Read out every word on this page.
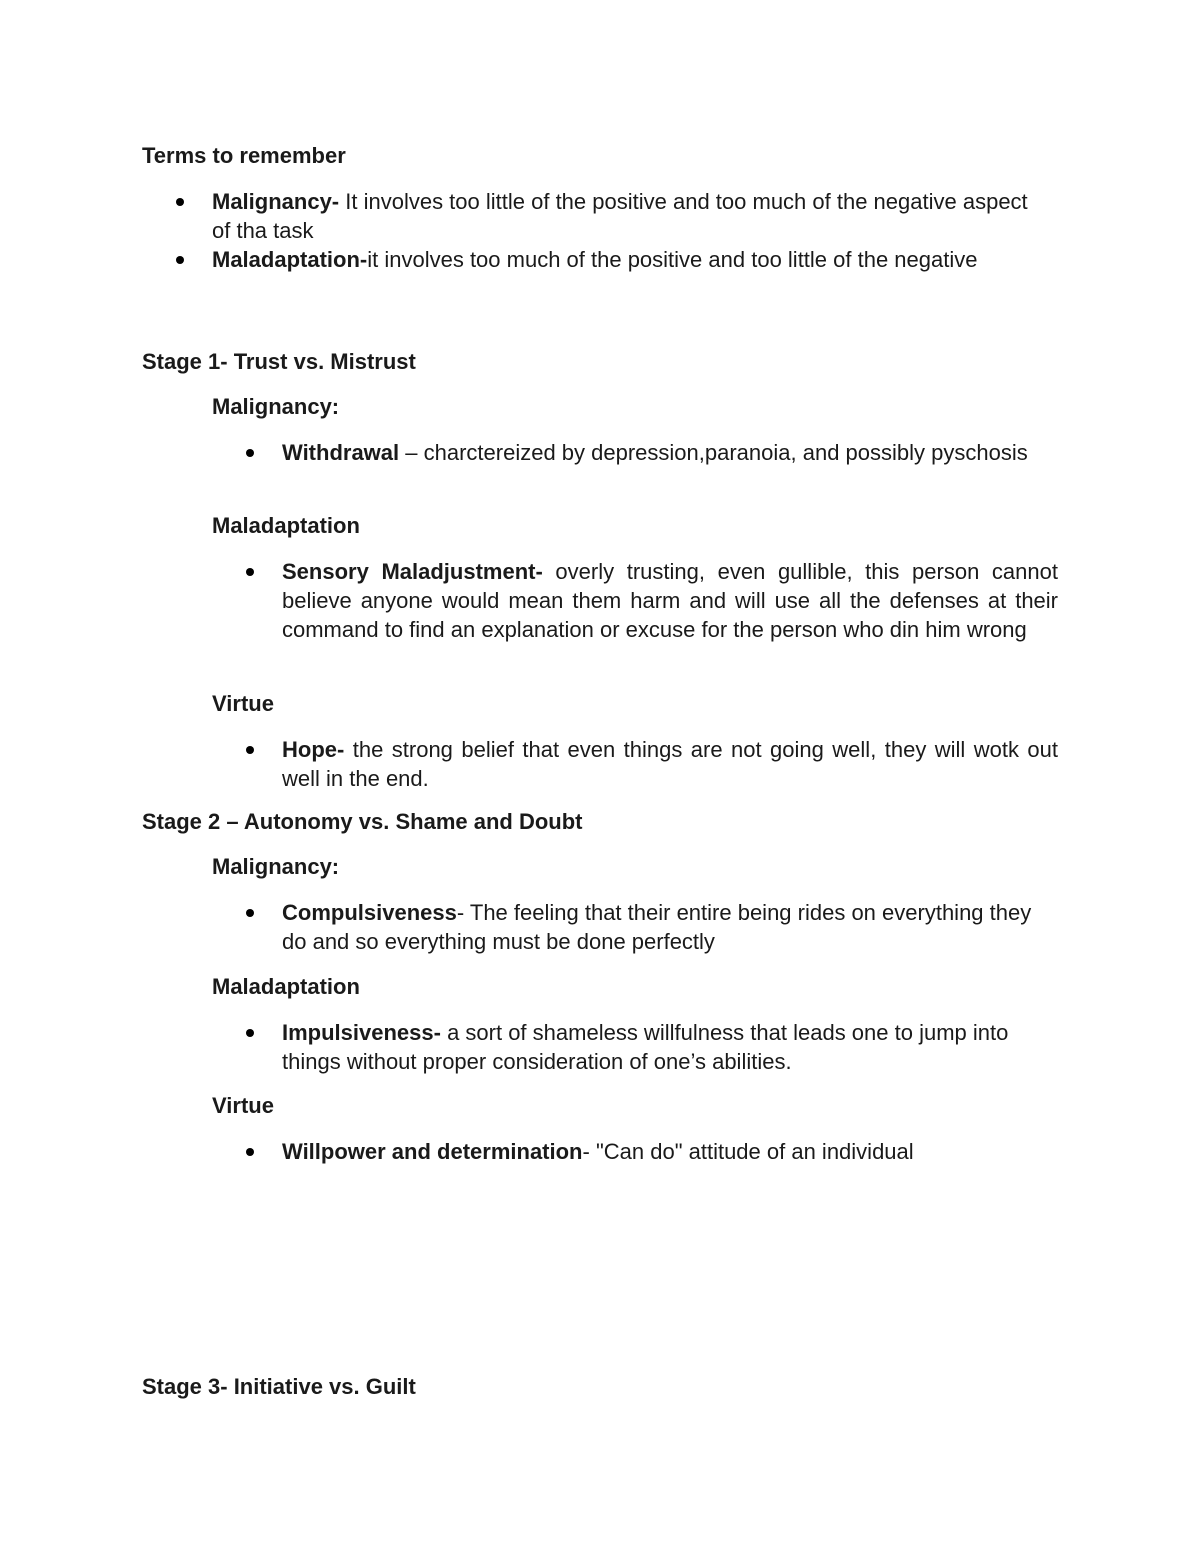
Terms to remember
Malignancy- It involves too little of the positive and too much of the negative aspect of tha task
Maladaptation-it involves too much of the positive and too little of the negative
Stage 1- Trust vs. Mistrust
Malignancy:
Withdrawal – charctereized by depression,paranoia, and possibly pyschosis
Maladaptation
Sensory Maladjustment- overly trusting, even gullible, this person cannot believe anyone would mean them harm and will use all the defenses at their command to find an explanation or excuse for the person who din him wrong
Virtue
Hope- the strong belief that even things are not going well, they will wotk out well in the end.
Stage 2 – Autonomy vs. Shame and Doubt
Malignancy:
Compulsiveness- The feeling that their entire being rides on everything they do and so everything must be done perfectly
Maladaptation
Impulsiveness- a sort of shameless willfulness that leads one to jump into things without proper consideration of one’s abilities.
Virtue
Willpower and determination- "Can do" attitude of an individual
Stage 3- Initiative vs. Guilt
